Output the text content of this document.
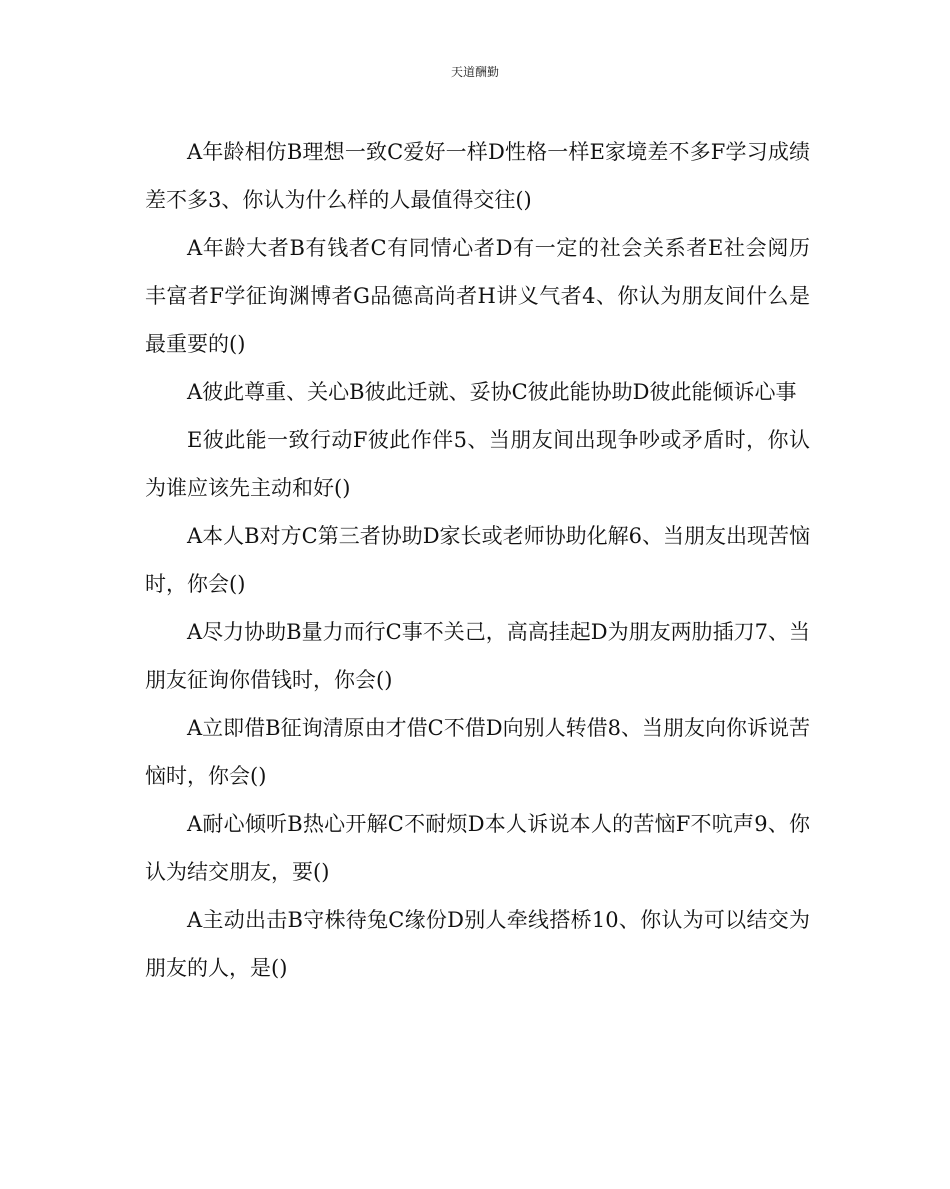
天道酬勤

A年龄相仿B理想一致C爱好一样D性格一样E家境差不多F学习成绩差不多3、你认为什么样的人最值得交往()

A年龄大者B有钱者C有同情心者D有一定的社会关系者E社会阅历丰富者F学征询渊博者G品德高尚者H讲义气者4、你认为朋友间什么是最重要的()

A彼此尊重、关心B彼此迁就、妥协C彼此能协助D彼此能倾诉心事

E彼此能一致行动F彼此作伴5、当朋友间出现争吵或矛盾时，你认为谁应该先主动和好()

A本人B对方C第三者协助D家长或老师协助化解6、当朋友出现苦恼时，你会()

A尽力协助B量力而行C事不关己，高高挂起D为朋友两肋插刀7、当朋友征询你借钱时，你会()

A立即借B征询清原由才借C不借D向别人转借8、当朋友向你诉说苦恼时，你会()

A耐心倾听B热心开解C不耐烦D本人诉说本人的苦恼F不吭声9、你认为结交朋友，要()

A主动出击B守株待兔C缘份D别人牵线搭桥10、你认为可以结交为朋友的人，是()
